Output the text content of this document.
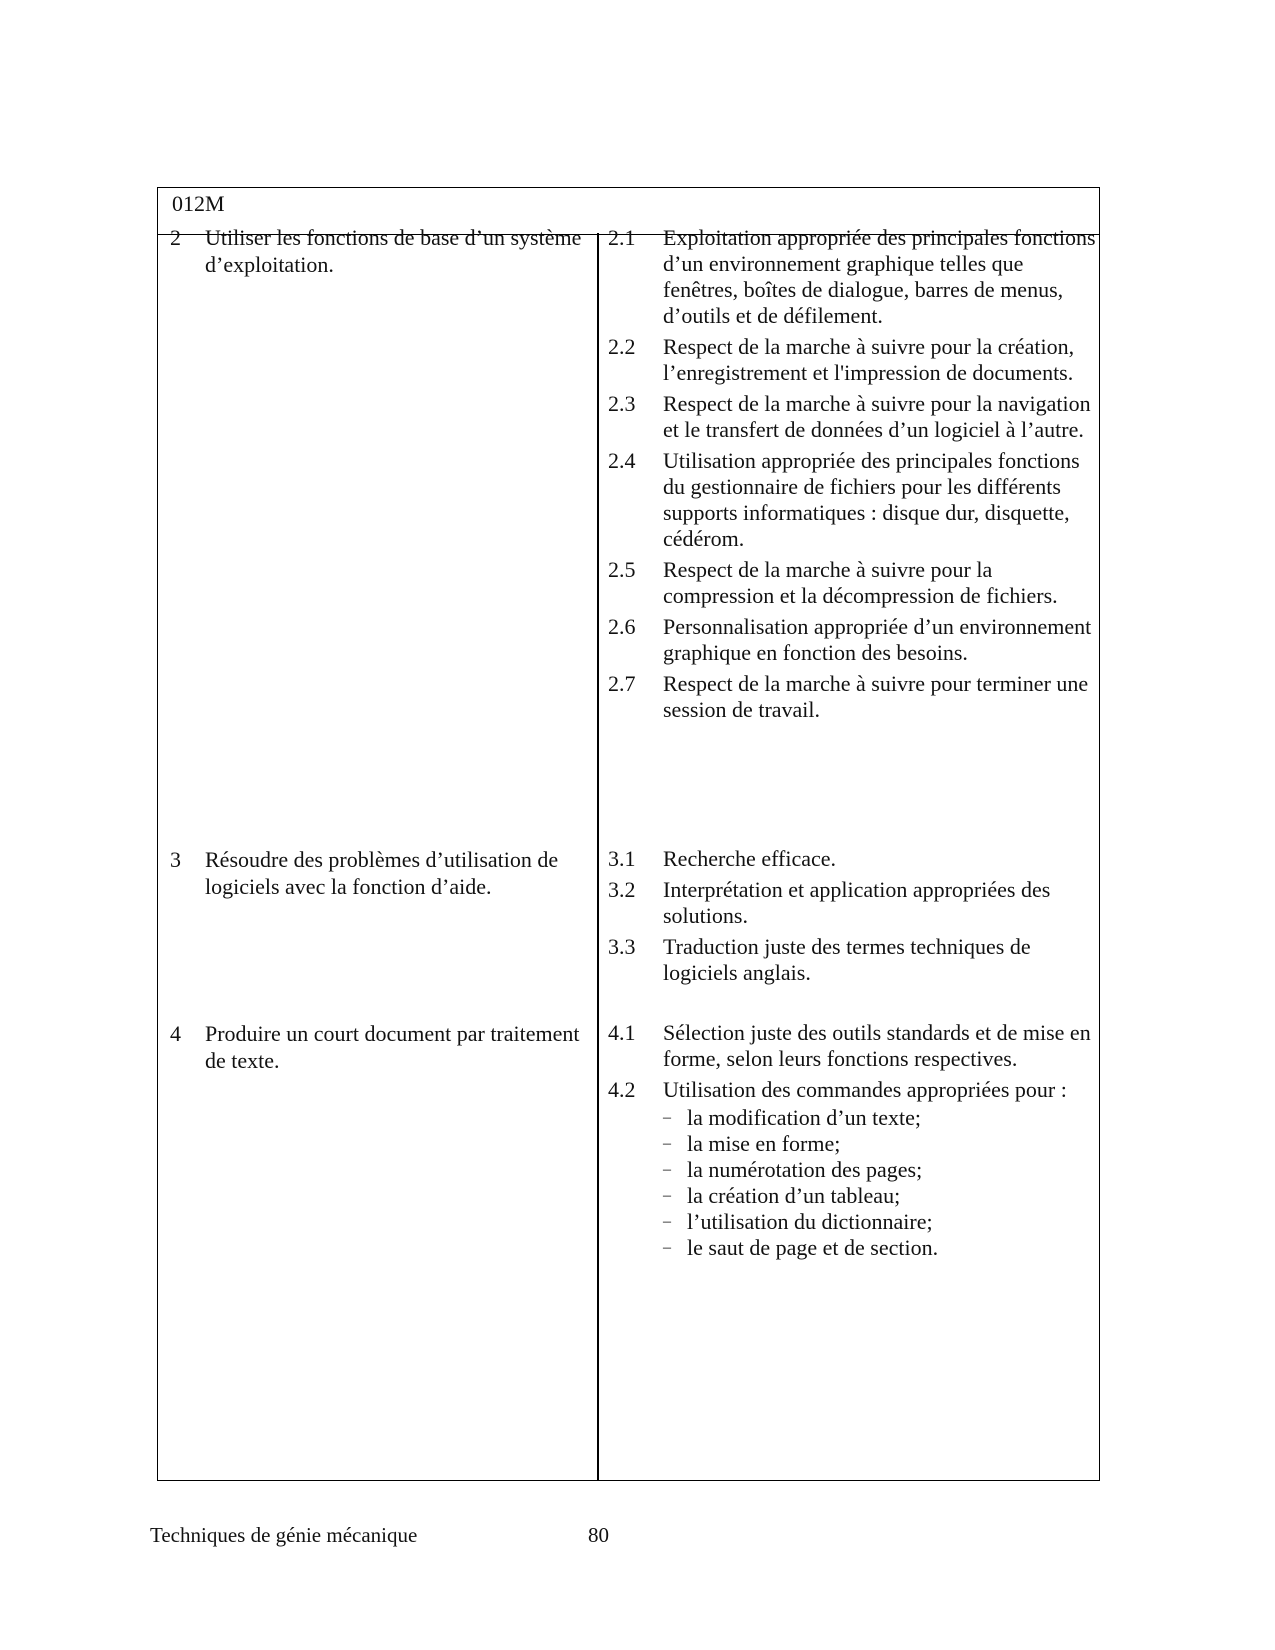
012M
2 Utiliser les fonctions de base d’un système d’exploitation.
2.1 Exploitation appropriée des principales fonctions d’un environnement graphique telles que fenêtres, boîtes de dialogue, barres de menus, d’outils et de défilement.
2.2 Respect de la marche à suivre pour la création, l’enregistrement et l'impression de documents.
2.3 Respect de la marche à suivre pour la navigation et le transfert de données d’un logiciel à l’autre.
2.4 Utilisation appropriée des principales fonctions du gestionnaire de fichiers pour les différents supports informatiques : disque dur, disquette, cédérom.
2.5 Respect de la marche à suivre pour la compression et la décompression de fichiers.
2.6 Personnalisation appropriée d’un environnement graphique en fonction des besoins.
2.7 Respect de la marche à suivre pour terminer une session de travail.
3 Résoudre des problèmes d’utilisation de logiciels avec la fonction d’aide.
3.1 Recherche efficace.
3.2 Interprétation et application appropriées des solutions.
3.3 Traduction juste des termes techniques de logiciels anglais.
4 Produire un court document par traitement de texte.
4.1 Sélection juste des outils standards et de mise en forme, selon leurs fonctions respectives.
4.2 Utilisation des commandes appropriées pour :
– la modification d’un texte;
– la mise en forme;
– la numérotation des pages;
– la création d’un tableau;
– l’utilisation du dictionnaire;
– le saut de page et de section.
Techniques de génie mécanique	80
